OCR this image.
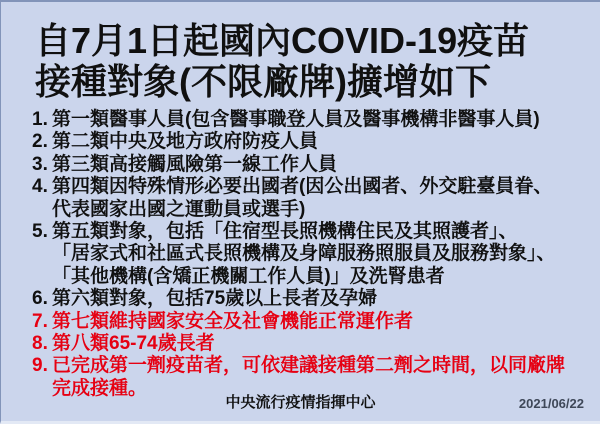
自7月1日起國內COVID-19疫苗
接種對象(不限廠牌)擴增如下
1.第一類醫事人員(包含醫事職登人員及醫事機構非醫事人員)
2.第二類中央及地方政府防疫人員
3.第三類高接觸風險第一線工作人員
4.第四類因特殊情形必要出國者(因公出國者、外交駐臺員眷、
代表國家出國之運動員或選手)
5.第五類對象，包括「住宿型長照機構住民及其照護者」、
「居家式和社區式長照機構及身障服務照服員及服務對象」、
「其他機構(含矯正機關工作人員)」及洗腎患者
6.第六類對象，包括75歲以上長者及孕婦
7.第七類維持國家安全及社會機能正常運作者
8.第八類65-74歲長者
9.已完成第一劑疫苗者，可依建議接種第二劑之時間，以同廠牌
完成接種。
中央流行疫情指揮中心	2021/06/22
